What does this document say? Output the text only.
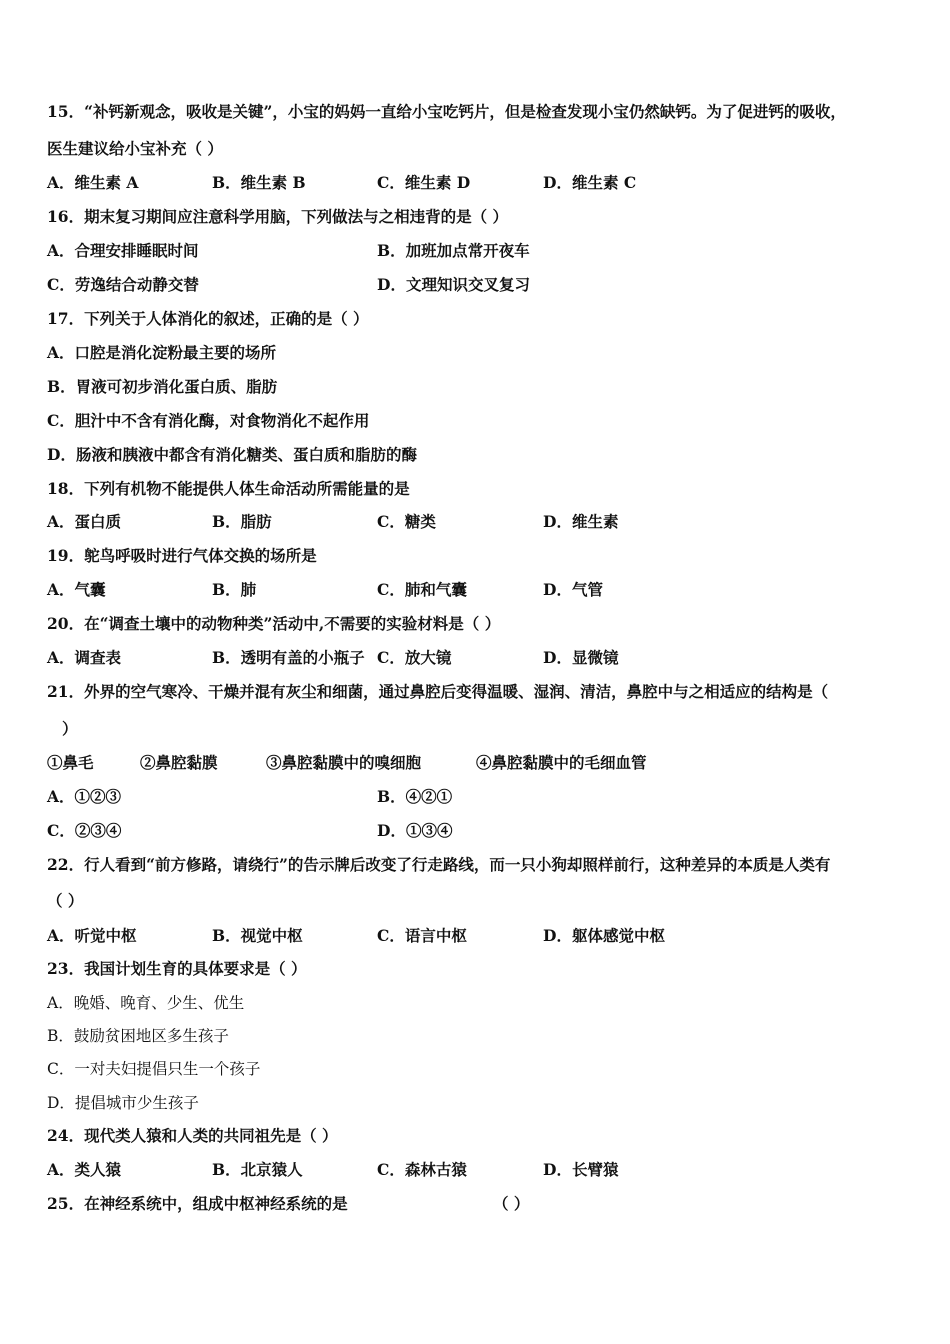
15．“补钙新观念，吸收是关键”，小宝的妈妈一直给小宝吃钙片，但是检查发现小宝仍然缺钙。为了促进钙的吸收，
医生建议给小宝补充（ ）
A．维生素 A	B．维生素 B	C．维生素 D	D．维生素 C
16．期末复习期间应注意科学用脑，下列做法与之相违背的是（ ）
A．合理安排睡眠时间	B．加班加点常开夜车
C．劳逸结合动静交替	D．文理知识交叉复习
17．下列关于人体消化的叙述，正确的是（ ）
A．口腔是消化淀粉最主要的场所
B．胃液可初步消化蛋白质、脂肪
C．胆汁中不含有消化酶，对食物消化不起作用
D．肠液和胰液中都含有消化糖类、蛋白质和脂肪的酶
18．下列有机物不能提供人体生命活动所需能量的是
A．蛋白质	B．脂肪	C．糖类	D．维生素
19．鸵鸟呼吸时进行气体交换的场所是
A．气囊	B．肺	C．肺和气囊	D．气管
20．在“调查土壤中的动物种类”活动中,不需要的实验材料是（ ）
A．调查表	B．透明有盖的小瓶子 C．放大镜	D．显微镜
21．外界的空气寒冷、干燥并混有灰尘和细菌，通过鼻腔后变得温暖、湿润、清洁，鼻腔中与之相适应的结构是（
）
①鼻毛	②鼻腔黏膜	③鼻腔黏膜中的嗅细胞	④鼻腔黏膜中的毛细血管
A．①②③	B．④②①
C．②③④	D．①③④
22．行人看到“前方修路，请绕行”的告示牌后改变了行走路线，而一只小狗却照样前行，这种差异的本质是人类有
（ ）
A．听觉中枢	B．视觉中枢	C．语言中枢	D．躯体感觉中枢
23．我国计划生育的具体要求是（ ）
A．晚婚、晚育、少生、优生
B．鼓励贫困地区多生孩子
C．一对夫妇提倡只生一个孩子
D．提倡城市少生孩子
24．现代类人猿和人类的共同祖先是（ ）
A．类人猿	B．北京猿人	C．森林古猿	D．长臂猿
25．在神经系统中，组成中枢神经系统的是	（ ）
